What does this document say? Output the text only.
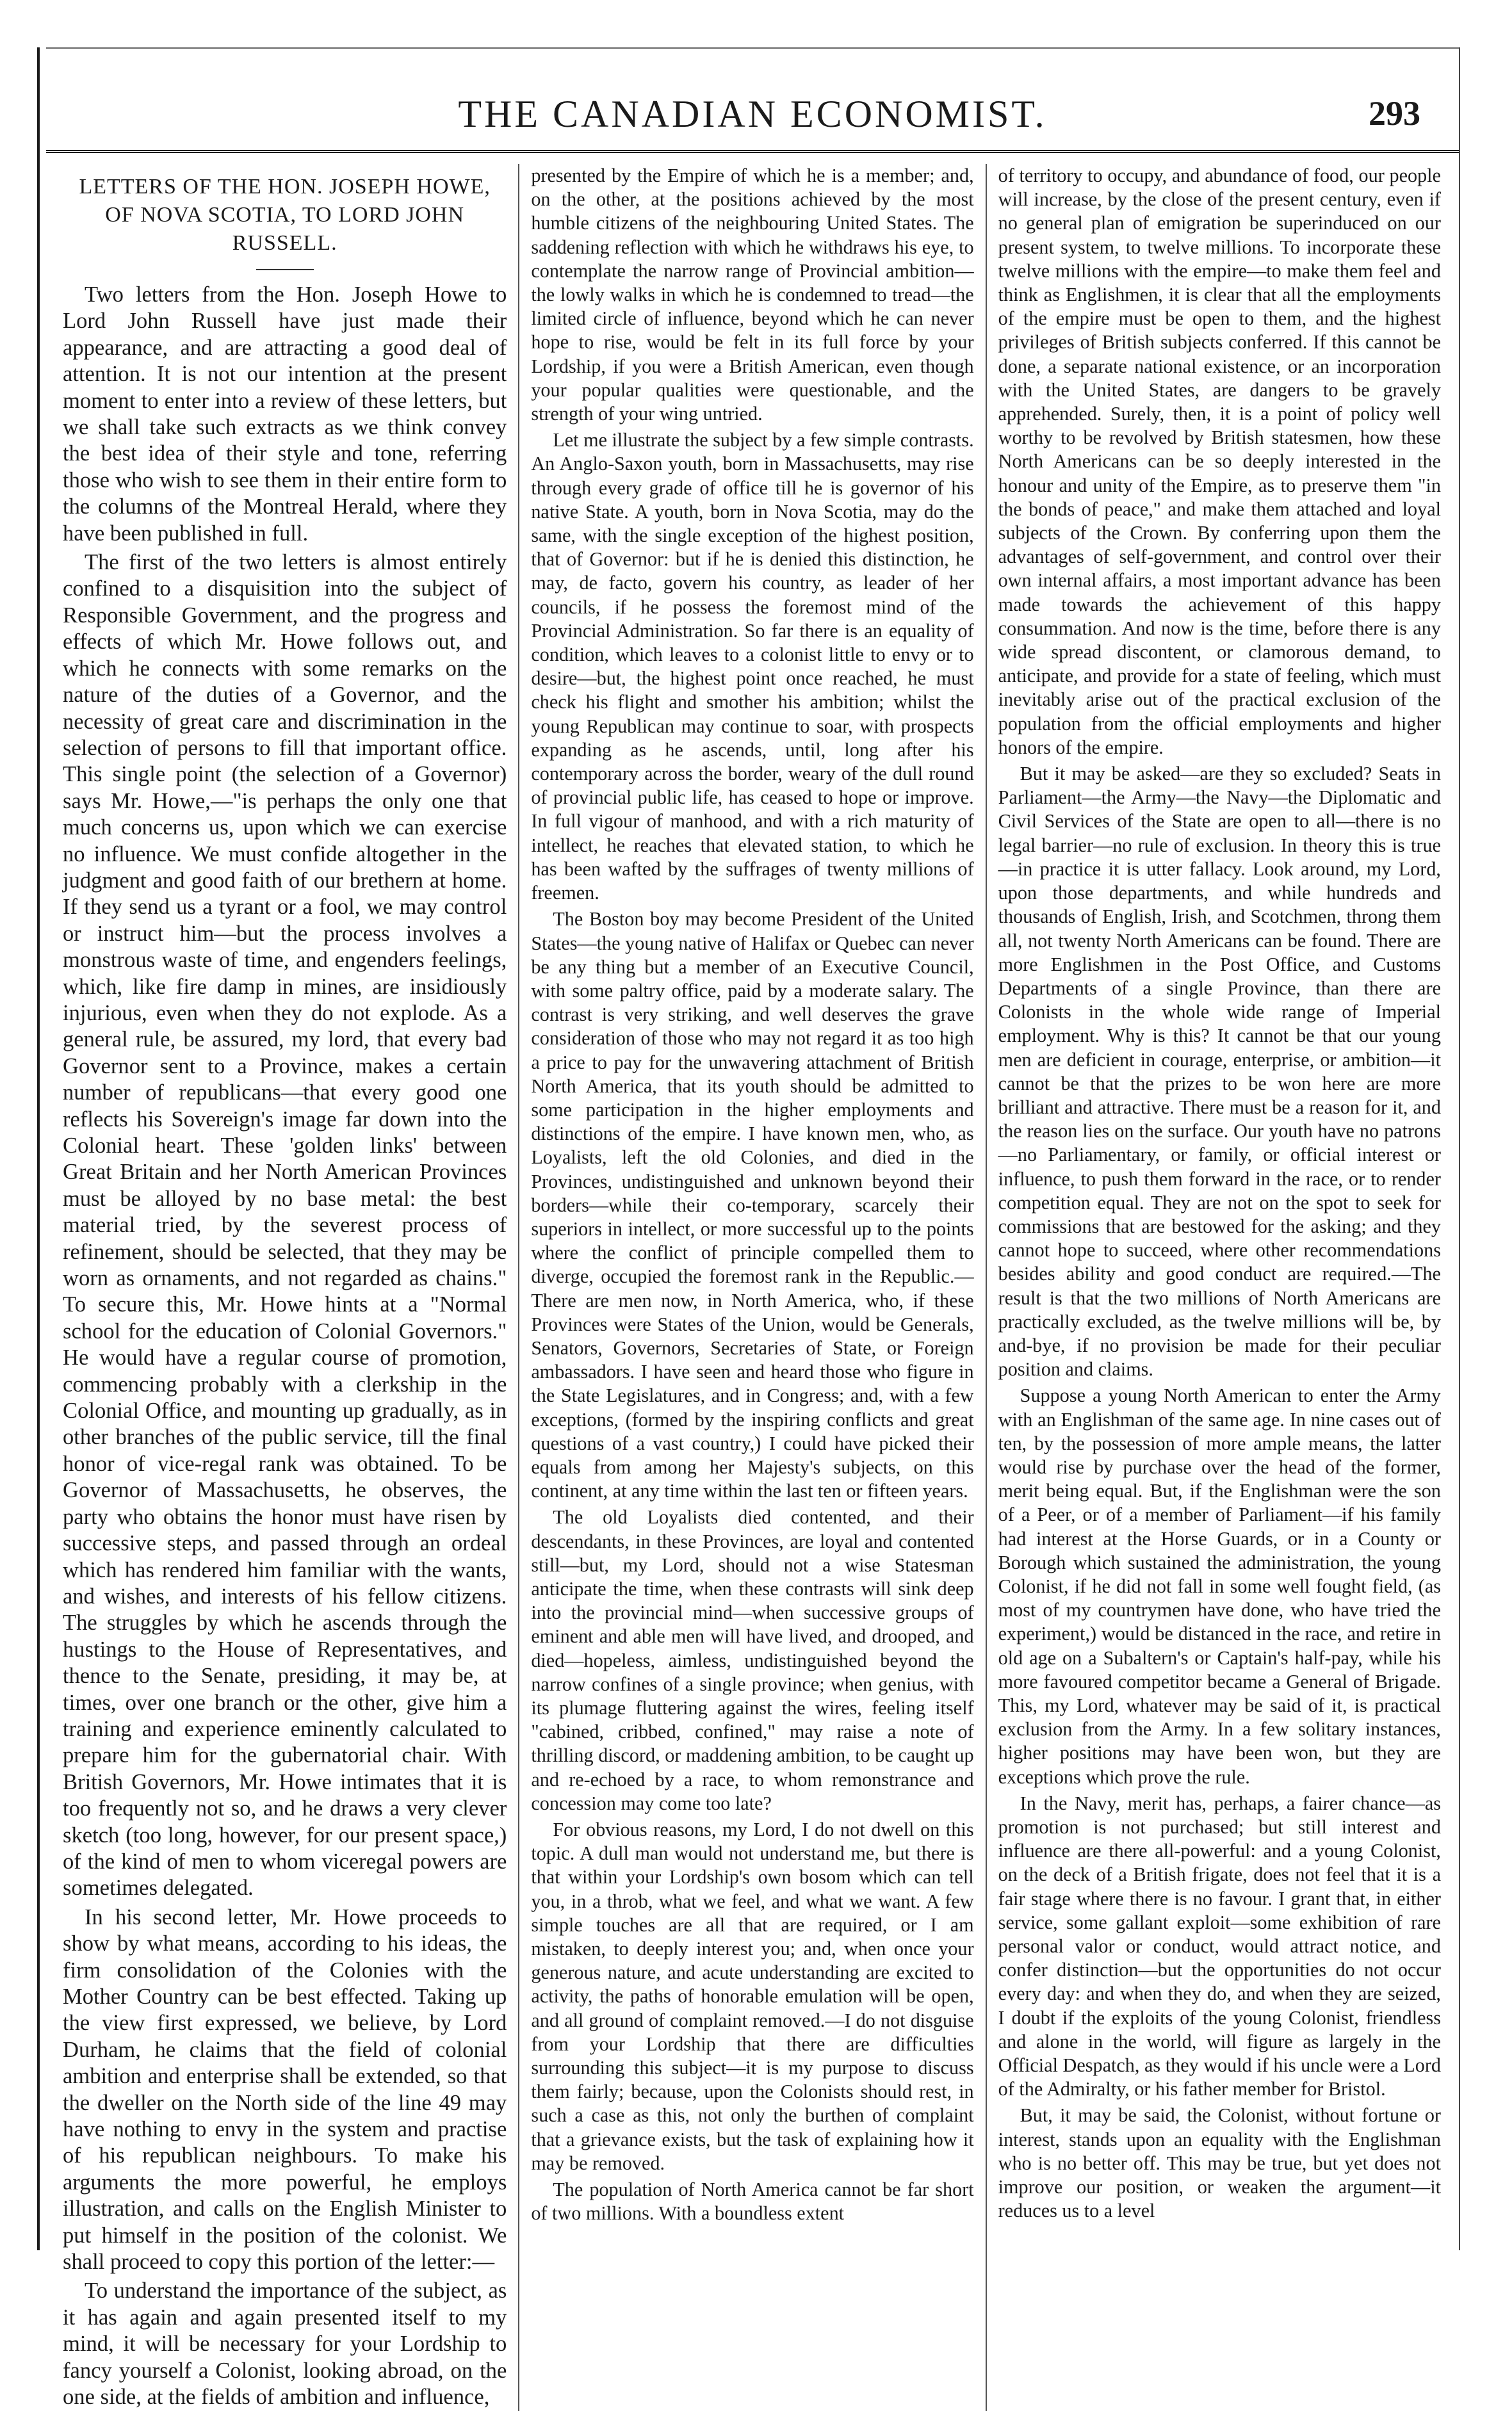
THE CANADIAN ECONOMIST.	293
LETTERS OF THE HON. JOSEPH HOWE, OF NOVA SCOTIA, TO LORD JOHN RUSSELL.

Two letters from the Hon. Joseph Howe to Lord John Russell have just made their appearance, and are attracting a good deal of attention. It is not our intention at the present moment to enter into a review of these letters, but we shall take such extracts as we think convey the best idea of their style and tone, referring those who wish to see them in their entire form to the columns of the Montreal Herald, where they have been published in full.

The first of the two letters is almost entirely confined to a disquisition into the subject of Responsible Government, and the progress and effects of which Mr. Howe follows out, and which he connects with some remarks on the nature of the duties of a Governor, and the necessity of great care and discrimination in the selection of persons to fill that important office. This single point (the selection of a Governor) says Mr. Howe,—"is perhaps the only one that much concerns us, upon which we can exercise no influence. We must confide altogether in the judgment and good faith of our brethern at home. If they send us a tyrant or a fool, we may control or instruct him—but the process involves a monstrous waste of time, and engenders feelings, which, like fire damp in mines, are insidiously injurious, even when they do not explode. As a general rule, be assured, my lord, that every bad Governor sent to a Province, makes a certain number of republicans—that every good one reflects his Sovereign's image far down into the Colonial heart. These 'golden links' between Great Britain and her North American Provinces must be alloyed by no base metal: the best material tried, by the severest process of refinement, should be selected, that they may be worn as ornaments, and not regarded as chains." To secure this, Mr. Howe hints at a "Normal school for the education of Colonial Governors." He would have a regular course of promotion, commencing probably with a clerkship in the Colonial Office, and mounting up gradually, as in other branches of the public service, till the final honor of vice-regal rank was obtained. To be Governor of Massachusetts, he observes, the party who obtains the honor must have risen by successive steps, and passed through an ordeal which has rendered him familiar with the wants, and wishes, and interests of his fellow citizens. The struggles by which he ascends through the hustings to the House of Representatives, and thence to the Senate, presiding, it may be, at times, over one branch or the other, give him a training and experience eminently calculated to prepare him for the gubernatorial chair. With British Governors, Mr. Howe intimates that it is too frequently not so, and he draws a very clever sketch (too long, however, for our present space,) of the kind of men to whom viceregal powers are sometimes delegated.

In his second letter, Mr. Howe proceeds to show by what means, according to his ideas, the firm consolidation of the Colonies with the Mother Country can be best effected. Taking up the view first expressed, we believe, by Lord Durham, he claims that the field of colonial ambition and enterprise shall be extended, so that the dweller on the North side of the line 49 may have nothing to envy in the system and practise of his republican neighbours. To make his arguments the more powerful, he employs illustration, and calls on the English Minister to put himself in the position of the colonist. We shall proceed to copy this portion of the letter:—

To understand the importance of the subject, as it has again and again presented itself to my mind, it will be necessary for your Lordship to fancy yourself a Colonist, looking abroad, on the one side, at the fields of ambition and influence,

presented by the Empire of which he is a member; and, on the other, at the positions achieved by the most humble citizens of the neighbouring United States. The saddening reflection with which he withdraws his eye, to contemplate the narrow range of Provincial ambition—the lowly walks in which he is condemned to tread—the limited circle of influence, beyond which he can never hope to rise, would be felt in its full force by your Lordship, if you were a British American, even though your popular qualities were questionable, and the strength of your wing untried.

Let me illustrate the subject by a few simple contrasts. An Anglo-Saxon youth, born in Massachusetts, may rise through every grade of office till he is governor of his native State. A youth, born in Nova Scotia, may do the same, with the single exception of the highest position, that of Governor: but if he is denied this distinction, he may, de facto, govern his country, as leader of her councils, if he possess the foremost mind of the Provincial Administration. So far there is an equality of condition, which leaves to a colonist little to envy or to desire—but, the highest point once reached, he must check his flight and smother his ambition; whilst the young Republican may continue to soar, with prospects expanding as he ascends, until, long after his contemporary across the border, weary of the dull round of provincial public life, has ceased to hope or improve. In full vigour of manhood, and with a rich maturity of intellect, he reaches that elevated station, to which he has been wafted by the suffrages of twenty millions of freemen.

The Boston boy may become President of the United States—the young native of Halifax or Quebec can never be any thing but a member of an Executive Council, with some paltry office, paid by a moderate salary. The contrast is very striking, and well deserves the grave consideration of those who may not regard it as too high a price to pay for the unwavering attachment of British North America, that its youth should be admitted to some participation in the higher employments and distinctions of the empire. I have known men, who, as Loyalists, left the old Colonies, and died in the Provinces, undistinguished and unknown beyond their borders—while their co-temporary, scarcely their superiors in intellect, or more successful up to the points where the conflict of principle compelled them to diverge, occupied the foremost rank in the Republic.—There are men now, in North America, who, if these Provinces were States of the Union, would be Generals, Senators, Governors, Secretaries of State, or Foreign ambassadors. I have seen and heard those who figure in the State Legislatures, and in Congress; and, with a few exceptions, (formed by the inspiring conflicts and great questions of a vast country,) I could have picked their equals from among her Majesty's subjects, on this continent, at any time within the last ten or fifteen years.

The old Loyalists died contented, and their descendants, in these Provinces, are loyal and contented still—but, my Lord, should not a wise Statesman anticipate the time, when these contrasts will sink deep into the provincial mind—when successive groups of eminent and able men will have lived, and drooped, and died—hopeless, aimless, undistinguished beyond the narrow confines of a single province; when genius, with its plumage fluttering against the wires, feeling itself "cabined, cribbed, confined," may raise a note of thrilling discord, or maddening ambition, to be caught up and re-echoed by a race, to whom remonstrance and concession may come too late?

For obvious reasons, my Lord, I do not dwell on this topic. A dull man would not understand me, but there is that within your Lordship's own bosom which can tell you, in a throb, what we feel, and what we want. A few simple touches are all that are required, or I am mistaken, to deeply interest you; and, when once your generous nature, and acute understanding are excited to activity, the paths of honorable emulation will be open, and all ground of complaint removed.—I do not disguise from your Lordship that there are difficulties surrounding this subject—it is my purpose to discuss them fairly; because, upon the Colonists should rest, in such a case as this, not only the burthen of complaint that a grievance exists, but the task of explaining how it may be removed.

The population of North America cannot be far short of two millions. With a boundless extent

of territory to occupy, and abundance of food, our people will increase, by the close of the present century, even if no general plan of emigration be superinduced on our present system, to twelve millions. To incorporate these twelve millions with the empire—to make them feel and think as Englishmen, it is clear that all the employments of the empire must be open to them, and the highest privileges of British subjects conferred. If this cannot be done, a separate national existence, or an incorporation with the United States, are dangers to be gravely apprehended. Surely, then, it is a point of policy well worthy to be revolved by British statesmen, how these North Americans can be so deeply interested in the honour and unity of the Empire, as to preserve them "in the bonds of peace," and make them attached and loyal subjects of the Crown. By conferring upon them the advantages of self-government, and control over their own internal affairs, a most important advance has been made towards the achievement of this happy consummation. And now is the time, before there is any wide spread discontent, or clamorous demand, to anticipate, and provide for a state of feeling, which must inevitably arise out of the practical exclusion of the population from the official employments and higher honors of the empire.

But it may be asked—are they so excluded? Seats in Parliament—the Army—the Navy—the Diplomatic and Civil Services of the State are open to all—there is no legal barrier—no rule of exclusion. In theory this is true—in practice it is utter fallacy. Look around, my Lord, upon those departments, and while hundreds and thousands of English, Irish, and Scotchmen, throng them all, not twenty North Americans can be found. There are more Englishmen in the Post Office, and Customs Departments of a single Province, than there are Colonists in the whole wide range of Imperial employment. Why is this? It cannot be that our young men are deficient in courage, enterprise, or ambition—it cannot be that the prizes to be won here are more brilliant and attractive. There must be a reason for it, and the reason lies on the surface. Our youth have no patrons—no Parliamentary, or family, or official interest or influence, to push them forward in the race, or to render competition equal. They are not on the spot to seek for commissions that are bestowed for the asking; and they cannot hope to succeed, where other recommendations besides ability and good conduct are required.—The result is that the two millions of North Americans are practically excluded, as the twelve millions will be, by and-bye, if no provision be made for their peculiar position and claims.

Suppose a young North American to enter the Army with an Englishman of the same age. In nine cases out of ten, by the possession of more ample means, the latter would rise by purchase over the head of the former, merit being equal. But, if the Englishman were the son of a Peer, or of a member of Parliament—if his family had interest at the Horse Guards, or in a County or Borough which sustained the administration, the young Colonist, if he did not fall in some well fought field, (as most of my countrymen have done, who have tried the experiment,) would be distanced in the race, and retire in old age on a Subaltern's or Captain's half-pay, while his more favoured competitor became a General of Brigade. This, my Lord, whatever may be said of it, is practical exclusion from the Army. In a few solitary instances, higher positions may have been won, but they are exceptions which prove the rule.

In the Navy, merit has, perhaps, a fairer chance—as promotion is not purchased; but still interest and influence are there all-powerful: and a young Colonist, on the deck of a British frigate, does not feel that it is a fair stage where there is no favour. I grant that, in either service, some gallant exploit—some exhibition of rare personal valor or conduct, would attract notice, and confer distinction—but the opportunities do not occur every day: and when they do, and when they are seized, I doubt if the exploits of the young Colonist, friendless and alone in the world, will figure as largely in the Official Despatch, as they would if his uncle were a Lord of the Admiralty, or his father member for Bristol.

But, it may be said, the Colonist, without fortune or interest, stands upon an equality with the Englishman who is no better off. This may be true, but yet does not improve our position, or weaken the argument—it reduces us to a level
